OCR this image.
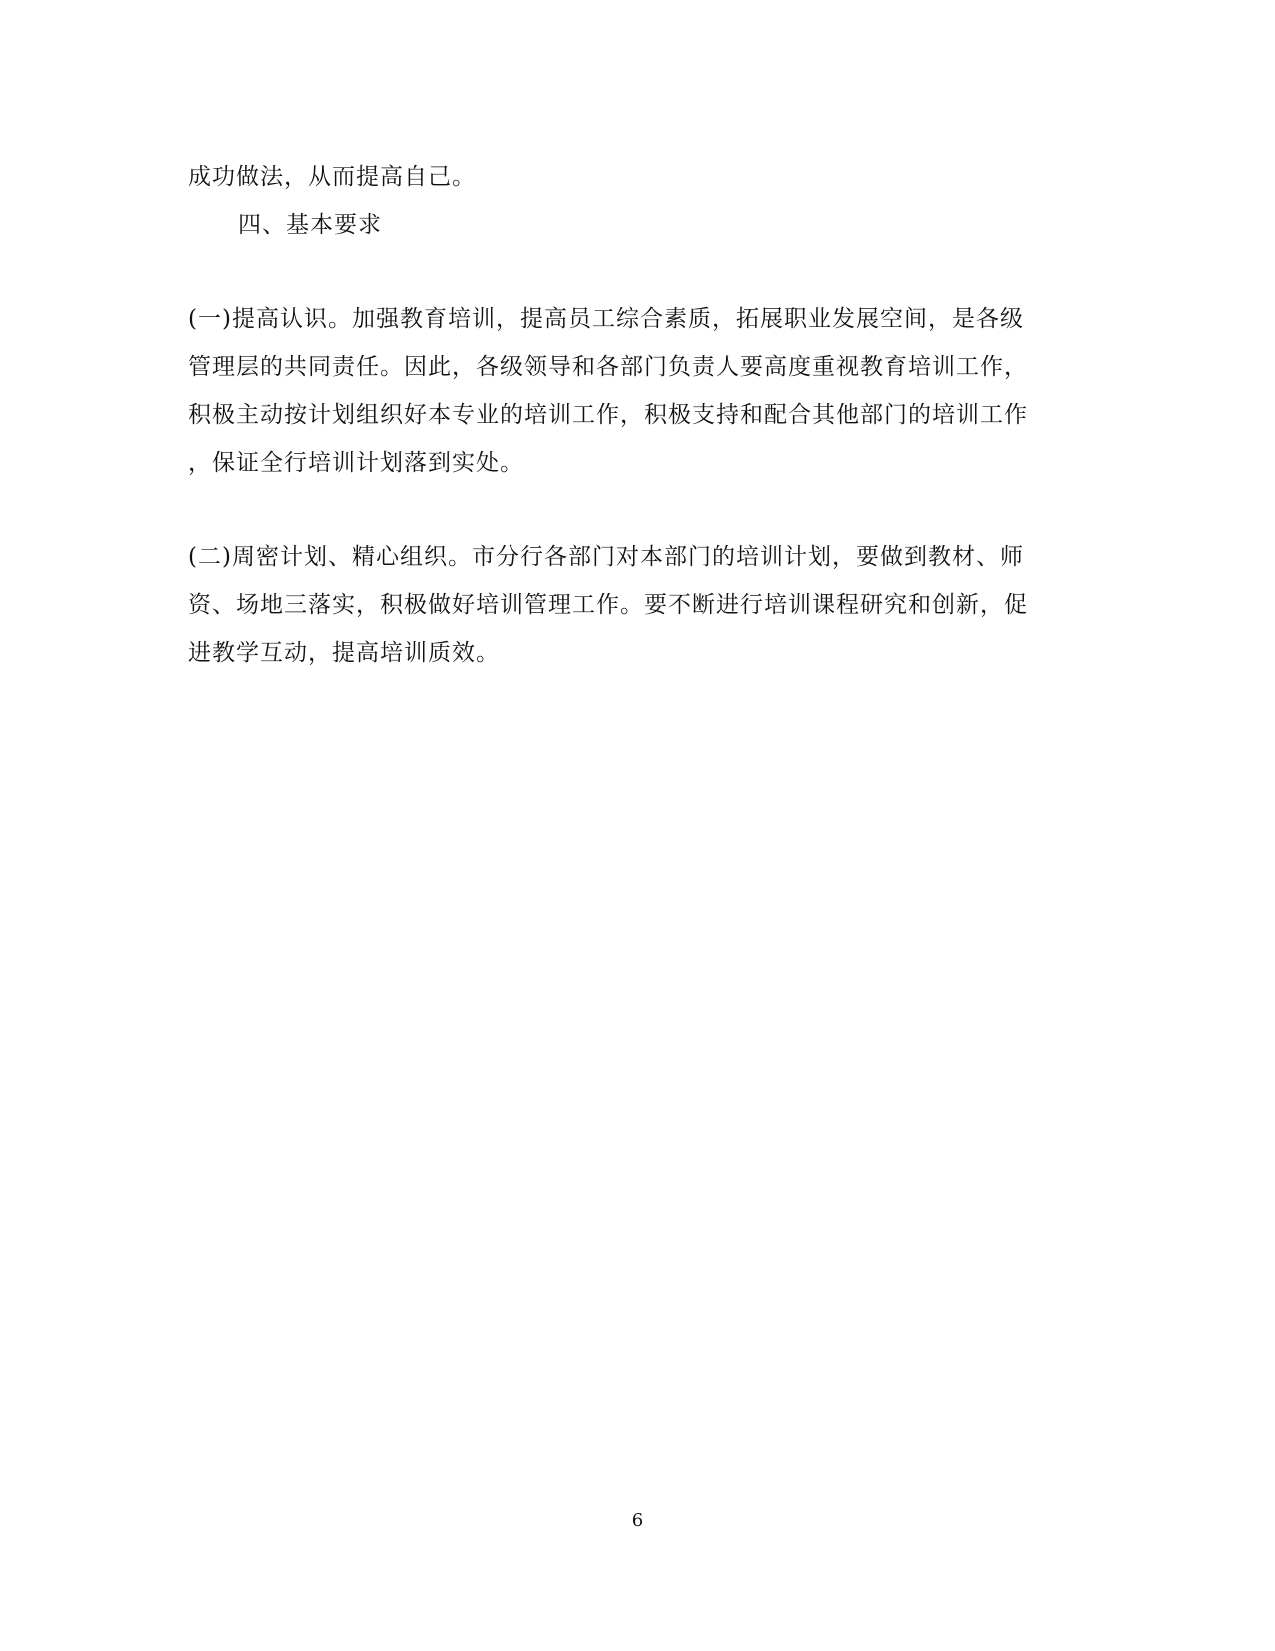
成功做法，从而提高自己。
四、基本要求
(一)提高认识。加强教育培训，提高员工综合素质，拓展职业发展空间，是各级
管理层的共同责任。因此，各级领导和各部门负责人要高度重视教育培训工作，
积极主动按计划组织好本专业的培训工作，积极支持和配合其他部门的培训工作
，保证全行培训计划落到实处。
(二)周密计划、精心组织。市分行各部门对本部门的培训计划，要做到教材、师
资、场地三落实，积极做好培训管理工作。要不断进行培训课程研究和创新，促
进教学互动，提高培训质效。
6
